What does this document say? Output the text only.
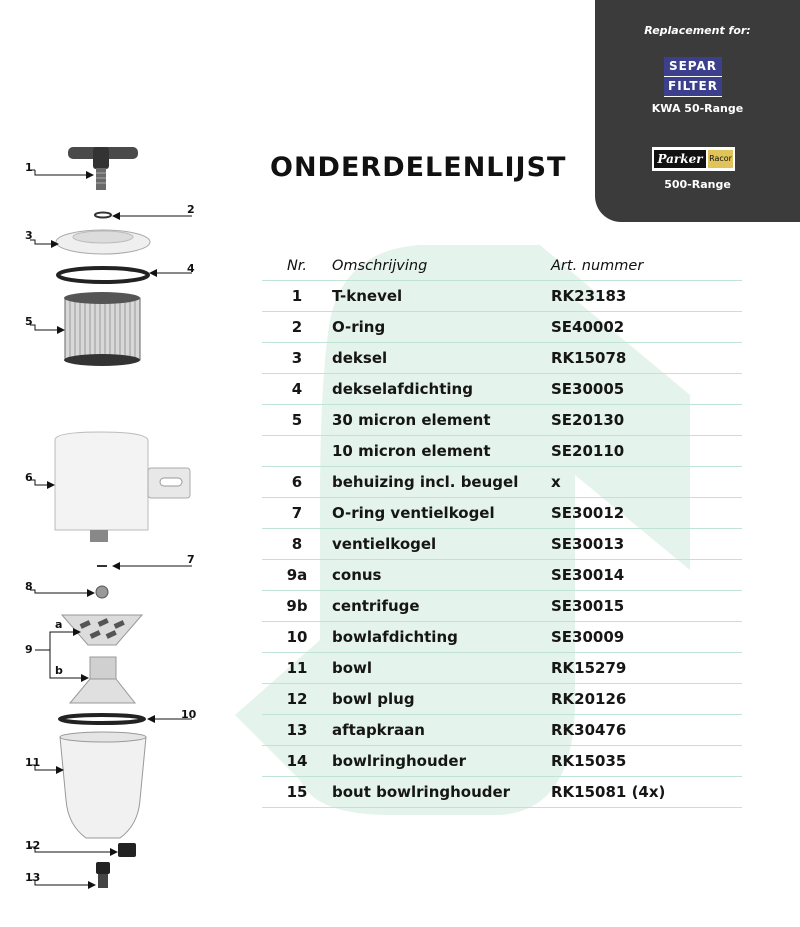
Replacement for:
SEPAR
FILTER
KWA 50-Range
Parker Racor
500-Range
ONDERDELENLIJST
Nr.	Omschrijving	Art. nummer
1	T-knevel	RK23183
2	O-ring	SE40002
3	deksel	RK15078
4	dekselafdichting	SE30005
5	30 micron element	SE20130
	10 micron element	SE20110
6	behuizing incl. beugel	x
7	O-ring ventielkogel	SE30012
8	ventielkogel	SE30013
9a	conus	SE30014
9b	centrifuge	SE30015
10	bowlafdichting	SE30009
11	bowl	RK15279
12	bowl plug	RK20126
13	aftapkraan	RK30476
14	bowlringhouder	RK15035
15	bout bowlringhouder	RK15081 (4x)
1
2
3
4
5
6
7
8
9
a
b
10
11
12
13
